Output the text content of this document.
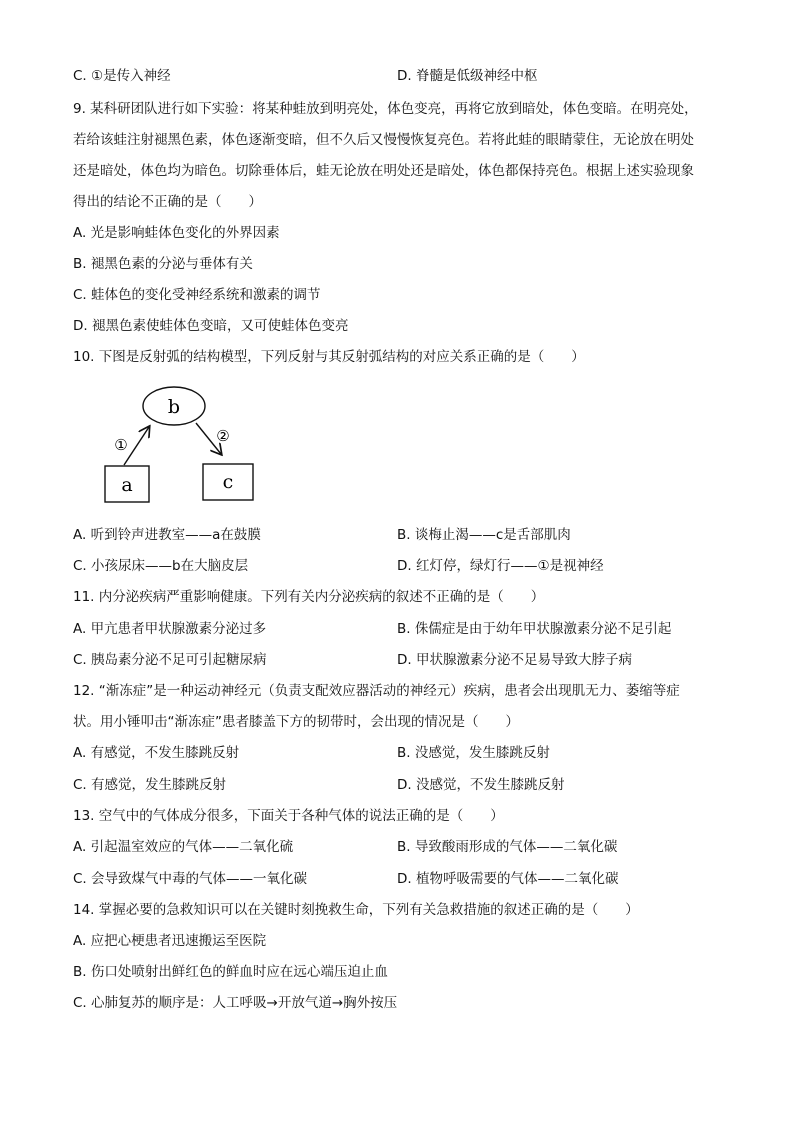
C. ①是传入神经	D. 脊髓是低级神经中枢
9. 某科研团队进行如下实验：将某种蛙放到明亮处，体色变亮，再将它放到暗处，体色变暗。在明亮处，
若给该蛙注射褪黑色素，体色逐渐变暗，但不久后又慢慢恢复亮色。若将此蛙的眼睛蒙住，无论放在明处
还是暗处，体色均为暗色。切除垂体后，蛙无论放在明处还是暗处，体色都保持亮色。根据上述实验现象
得出的结论不正确的是（　　）
A. 光是影响蛙体色变化的外界因素
B. 褪黑色素的分泌与垂体有关
C. 蛙体色的变化受神经系统和激素的调节
D. 褪黑色素使蛙体色变暗，又可使蛙体色变亮
10. 下图是反射弧的结构模型，下列反射与其反射弧结构的对应关系正确的是（　　）
b
a	c
①	②
A. 听到铃声进教室——a在鼓膜	B. 谈梅止渴——c是舌部肌肉
C. 小孩尿床——b在大脑皮层	D. 红灯停，绿灯行——①是视神经
11. 内分泌疾病严重影响健康。下列有关内分泌疾病的叙述不正确的是（　　）
A. 甲亢患者甲状腺激素分泌过多	B. 侏儒症是由于幼年甲状腺激素分泌不足引起
C. 胰岛素分泌不足可引起糖尿病	D. 甲状腺激素分泌不足易导致大脖子病
12. “渐冻症”是一种运动神经元（负责支配效应器活动的神经元）疾病，患者会出现肌无力、萎缩等症
状。用小锤叩击“渐冻症”患者膝盖下方的韧带时，会出现的情况是（　　）
A. 有感觉，不发生膝跳反射	B. 没感觉，发生膝跳反射
C. 有感觉，发生膝跳反射	D. 没感觉，不发生膝跳反射
13. 空气中的气体成分很多，下面关于各种气体的说法正确的是（　　）
A. 引起温室效应的气体——二氧化硫	B. 导致酸雨形成的气体——二氧化碳
C. 会导致煤气中毒的气体——一氧化碳	D. 植物呼吸需要的气体——二氧化碳
14. 掌握必要的急救知识可以在关键时刻挽救生命，下列有关急救措施的叙述正确的是（　　）
A. 应把心梗患者迅速搬运至医院
B. 伤口处喷射出鲜红色的鲜血时应在远心端压迫止血
C. 心肺复苏的顺序是：人工呼吸→开放气道→胸外按压
